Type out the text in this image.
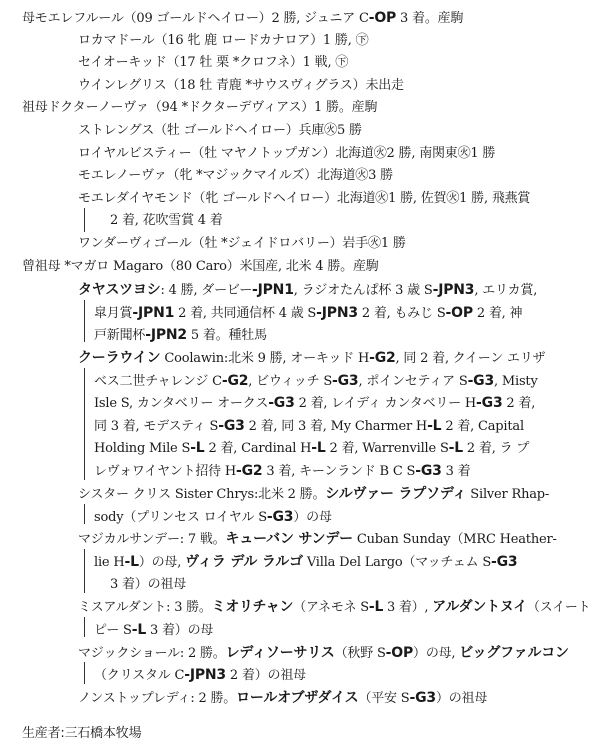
母モエレフルール（09 ゴールドヘイロー）2 勝, ジュニア C-OP 3 着。産駒
ロカマドール（16 牝 鹿 ロードカナロア）1 勝, ㊦
セイオーキッド（17 牡 栗 *クロフネ）1 戦, ㊦
ウインレグリス（18 牡 青鹿 *サウスヴィグラス）未出走
祖母ドクターノーヴァ（94 *ドクターデヴィアス）1 勝。産駒
ストレングス（牡 ゴールドヘイロー）兵庫㊋5 勝
ロイヤルビスティー（牡 マヤノトップガン）北海道㊋2 勝, 南関東㊋1 勝
モエレノーヴァ（牝 *マジックマイルズ）北海道㊋3 勝
モエレダイヤモンド（牝 ゴールドヘイロー）北海道㊋1 勝, 佐賀㊋1 勝, 飛燕賞
2 着, 花吹雪賞 4 着
ワンダーヴィゴール（牡 *ジェイドロバリー）岩手㊋1 勝
曾祖母 *マガロ Magaro（80 Caro）米国産, 北米 4 勝。産駒
タヤスツヨシ: 4 勝, ダービー-JPN1, ラジオたんぱ杯 3 歳 S-JPN3, エリカ賞,
皐月賞-JPN1 2 着, 共同通信杯 4 歳 S-JPN3 2 着, もみじ S-OP 2 着, 神
戸新聞杯-JPN2 5 着。種牡馬
クーラウイン Coolawin:北米 9 勝, オーキッド H-G2, 同 2 着, クイーン エリザ
ベス二世チャレンジ C-G2, ビウィッチ S-G3, ポインセティア S-G3, Misty
Isle S, カンタベリー オークス-G3 2 着, レイディ カンタベリー H-G3 2 着,
同 3 着, モデスティ S-G3 2 着, 同 3 着, My Charmer H-L 2 着, Capital
Holding Mile S-L 2 着, Cardinal H-L 2 着, Warrenville S-L 2 着, ラ プ
レヴォワイヤント招待 H-G2 3 着, キーンランド B C S-G3 3 着
シスター クリス Sister Chrys:北米 2 勝。シルヴァー ラプソディ Silver Rhap-
sody（プリンセス ロイヤル S-G3）の母
マジカルサンデー: 7 戦。キューバン サンデー Cuban Sunday（MRC Heather-
lie H-L）の母, ヴィラ デル ラルゴ Villa Del Largo（マッチェム S-G3
3 着）の祖母
ミスアルダント: 3 勝。ミオリチャン（アネモネ S-L 3 着）, アルダントヌイ（スイート
ピー S-L 3 着）の母
マジックショール: 2 勝。レディソーサリス（秋野 S-OP）の母, ビッグファルコン
（クリスタル C-JPN3 2 着）の祖母
ノンストップレディ: 2 勝。ロールオブザダイス（平安 S-G3）の祖母
生産者:三石橋本牧場
